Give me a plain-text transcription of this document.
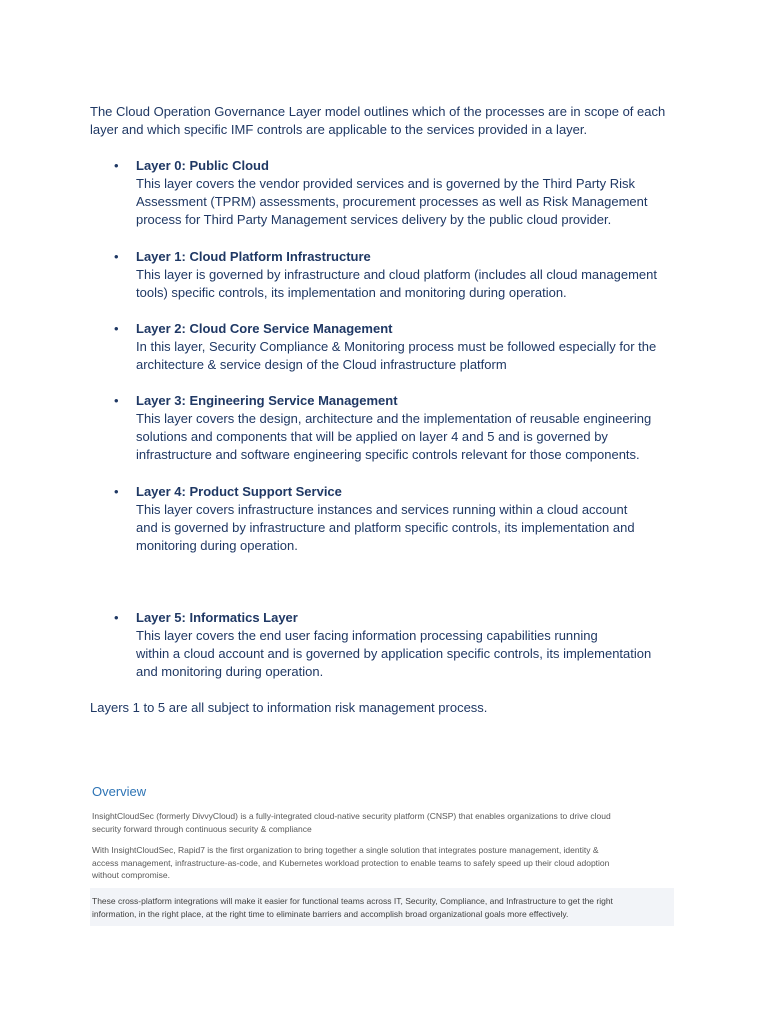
The Cloud Operation Governance Layer model outlines which of the processes are in scope of each layer and which specific IMF controls are applicable to the services provided in a layer.

• Layer 0: Public Cloud
This layer covers the vendor provided services and is governed by the Third Party Risk
Assessment (TPRM) assessments, procurement processes as well as Risk Management
process for Third Party Management services delivery by the public cloud provider.
• Layer 1: Cloud Platform Infrastructure
This layer is governed by infrastructure and cloud platform (includes all cloud management
tools) specific controls, its implementation and monitoring during operation.
• Layer 2: Cloud Core Service Management
In this layer, Security Compliance & Monitoring process must be followed especially for the
architecture & service design of the Cloud infrastructure platform
• Layer 3: Engineering Service Management
This layer covers the design, architecture and the implementation of reusable engineering
solutions and components that will be applied on layer 4 and 5 and is governed by
infrastructure and software engineering specific controls relevant for those components.
• Layer 4: Product Support Service
This layer covers infrastructure instances and services running within a cloud account
and is governed by infrastructure and platform specific controls, its implementation and
monitoring during operation.
• Layer 5: Informatics Layer
This layer covers the end user facing information processing capabilities running
within a cloud account and is governed by application specific controls, its implementation
and monitoring during operation.

Layers 1 to 5 are all subject to information risk management process.

Overview

InsightCloudSec (formerly DivvyCloud) is a fully-integrated cloud-native security platform (CNSP) that enables organizations to drive cloud
security forward through continuous security & compliance

With InsightCloudSec, Rapid7 is the first organization to bring together a single solution that integrates posture management, identity &
access management, infrastructure-as-code, and Kubernetes workload protection to enable teams to safely speed up their cloud adoption
without compromise.

These cross-platform integrations will make it easier for functional teams across IT, Security, Compliance, and Infrastructure to get the right
information, in the right place, at the right time to eliminate barriers and accomplish broad organizational goals more effectively.
